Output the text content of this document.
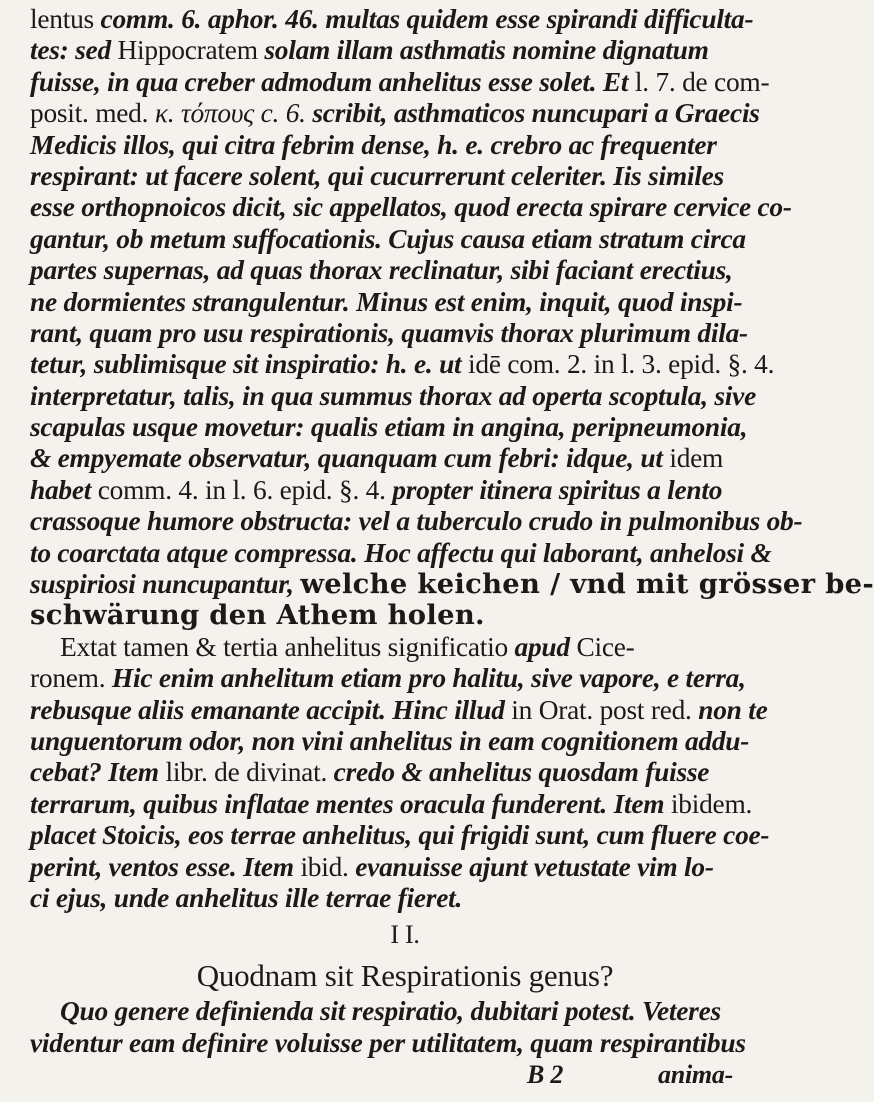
lentus comm. 6. aphor. 46. multas quidem esse spirandi difficulta-
tes: sed Hippocratem solam illam asthmatis nomine dignatum
fuisse, in qua creber admodum anhelitus esse solet. Et l. 7. de com-
posit. med. κ. τόπους c. 6. scribit, asthmaticos nuncupari a Graecis
Medicis illos, qui citra febrim dense, h. e. crebro ac frequenter
respirant: ut facere solent, qui cucurrerunt celeriter. Iis similes
esse orthopnoicos dicit, sic appellatos, quod erecta spirare cervice co-
gantur, ob metum suffocationis. Cujus causa etiam stratum circa
partes supernas, ad quas thorax reclinatur, sibi faciant erectius,
ne dormientes strangulentur. Minus est enim, inquit, quod inspi-
rant, quam pro usu respirationis, quamvis thorax plurimum dila-
tetur, sublimisque sit inspiratio: h. e. ut idē com. 2. in l. 3. epid. §. 4.
interpretatur, talis, in qua summus thorax ad operta scoptula, sive
scapulas usque movetur: qualis etiam in angina, peripneumonia,
& empyemate observatur, quanquam cum febri: idque, ut idem
habet comm. 4. in l. 6. epid. §. 4. propter itinera spiritus a lento
crassoque humore obstructa: vel a tuberculo crudo in pulmonibus ob-
to coarctata atque compressa. Hoc affectu qui laborant, anhelosi &
suspiriosi nuncupantur, welche keichen / vnd mit grösser be-
schwärung den Athem holen.
Extat tamen & tertia anhelitus significatio apud Cice-
ronem. Hic enim anhelitum etiam pro halitu, sive vapore, e terra,
rebusque aliis emanante accipit. Hinc illud in Orat. post red. non te
unguentorum odor, non vini anhelitus in eam cognitionem addu-
cebat? Item libr. de divinat. credo & anhelitus quosdam fuisse
terrarum, quibus inflatae mentes oracula funderent. Item ibidem.
placet Stoicis, eos terrae anhelitus, qui frigidi sunt, cum fluere coe-
perint, ventos esse. Item ibid. evanuisse ajunt vetustate vim lo-
ci ejus, unde anhelitus ille terrae fieret.
I I.
Quodnam sit Respirationis genus?
Quo genere definienda sit respiratio, dubitari potest. Veteres
videntur eam definire voluisse per utilitatem, quam respirantibus
B 2	anima-
